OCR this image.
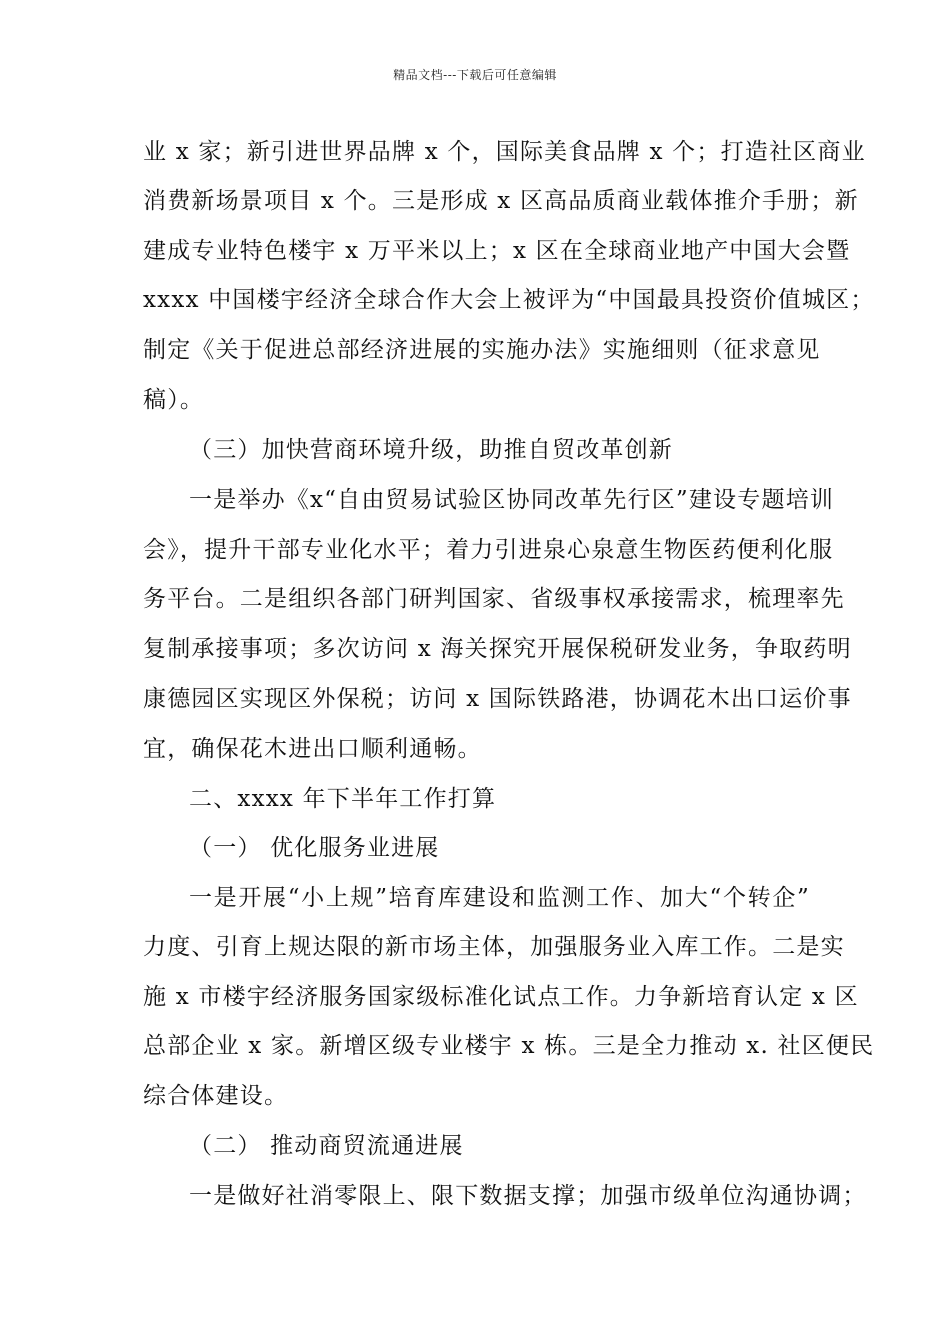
精品文档---下载后可任意编辑
业 x 家；新引进世界品牌 x 个，国际美食品牌 x 个；打造社区商业
消费新场景项目 x 个。三是形成 x 区高品质商业载体推介手册；新
建成专业特色楼宇 x 万平米以上；x 区在全球商业地产中国大会暨
xxxx 中国楼宇经济全球合作大会上被评为“中国最具投资价值城区；
制定《关于促进总部经济进展的实施办法》实施细则（征求意见
稿）。
（三）加快营商环境升级，助推自贸改革创新
一是举办《x“自由贸易试验区协同改革先行区”建设专题培训
会》，提升干部专业化水平；着力引进泉心泉意生物医药便利化服
务平台。二是组织各部门研判国家、省级事权承接需求，梳理率先
复制承接事项；多次访问 x 海关探究开展保税研发业务，争取药明
康德园区实现区外保税；访问 x 国际铁路港，协调花木出口运价事
宜，确保花木进出口顺利通畅。
二、xxxx 年下半年工作打算
（一） 优化服务业进展
一是开展“小上规”培育库建设和监测工作、加大“个转企”
力度、引育上规达限的新市场主体，加强服务业入库工作。二是实
施 x 市楼宇经济服务国家级标准化试点工作。力争新培育认定 x 区
总部企业 x 家。新增区级专业楼宇 x 栋。三是全力推动 x. 社区便民
综合体建设。
（二） 推动商贸流通进展
一是做好社消零限上、限下数据支撑；加强市级单位沟通协调；
